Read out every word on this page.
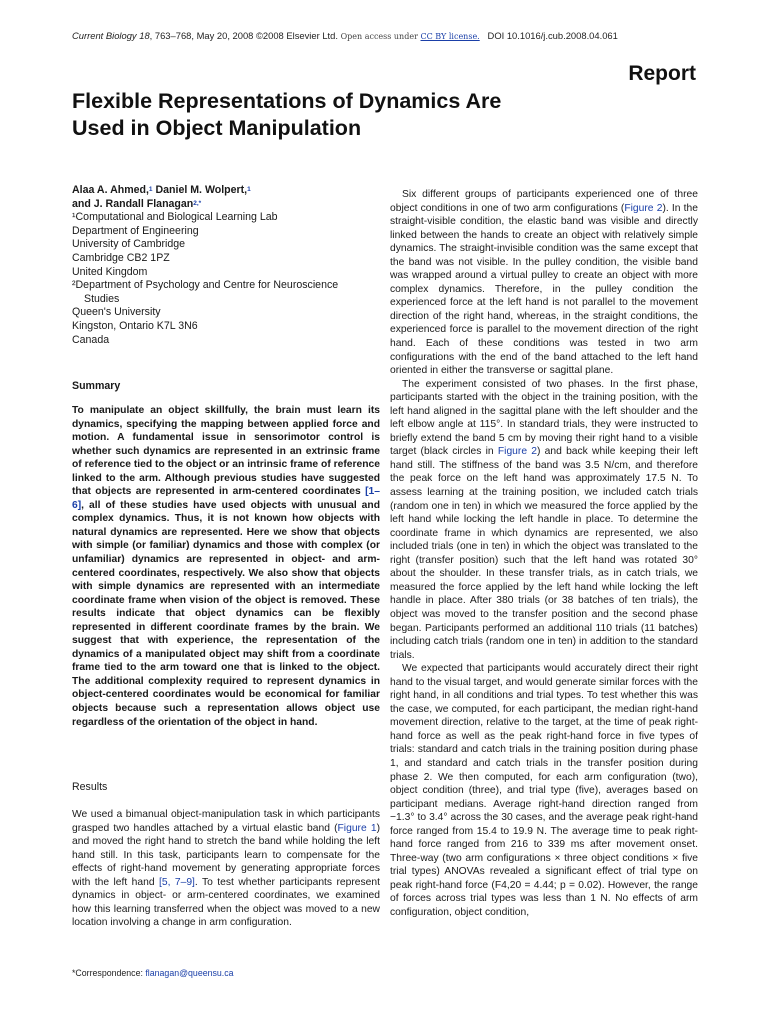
Current Biology 18, 763–768, May 20, 2008 ©2008 Elsevier Ltd. Open access under CC BY license. DOI 10.1016/j.cub.2008.04.061
Report
Flexible Representations of Dynamics Are Used in Object Manipulation
Alaa A. Ahmed,$^1$ Daniel M. Wolpert,$^1$
and J. Randall Flanagan$^{2,*}$
¹Computational and Biological Learning Lab
Department of Engineering
University of Cambridge
Cambridge CB2 1PZ
United Kingdom
²Department of Psychology and Centre for Neuroscience
Studies
Queen's University
Kingston, Ontario K7L 3N6
Canada
Summary
To manipulate an object skillfully, the brain must learn its dynamics, specifying the mapping between applied force and motion. A fundamental issue in sensorimotor control is whether such dynamics are represented in an extrinsic frame of reference tied to the object or an intrinsic frame of reference linked to the arm. Although previous studies have suggested that objects are represented in arm-centered coordinates [1–6], all of these studies have used objects with unusual and complex dynamics. Thus, it is not known how objects with natural dynamics are represented. Here we show that objects with simple (or familiar) dynamics and those with complex (or unfamiliar) dynamics are represented in object- and arm-centered coordinates, respectively. We also show that objects with simple dynamics are represented with an intermediate coordinate frame when vision of the object is removed. These results indicate that object dynamics can be flexibly represented in different coordinate frames by the brain. We suggest that with experience, the representation of the dynamics of a manipulated object may shift from a coordinate frame tied to the arm toward one that is linked to the object. The additional complexity required to represent dynamics in object-centered coordinates would be economical for familiar objects because such a representation allows object use regardless of the orientation of the object in hand.
Results
We used a bimanual object-manipulation task in which participants grasped two handles attached by a virtual elastic band (Figure 1) and moved the right hand to stretch the band while holding the left hand still. In this task, participants learn to compensate for the effects of right-hand movement by generating appropriate forces with the left hand [5, 7–9]. To test whether participants represent dynamics in object- or arm-centered coordinates, we examined how this learning transferred when the object was moved to a new location involving a change in arm configuration.
*Correspondence: flanagan@queensu.ca

Six different groups of participants experienced one of three object conditions in one of two arm configurations (Figure 2). In the straight-visible condition, the elastic band was visible and directly linked between the hands to create an object with relatively simple dynamics. The straight-invisible condition was the same except that the band was not visible. In the pulley condition, the visible band was wrapped around a virtual pulley to create an object with more complex dynamics. Therefore, in the pulley condition the experienced force at the left hand is not parallel to the movement direction of the right hand, whereas, in the straight conditions, the experienced force is parallel to the movement direction of the right hand. Each of these conditions was tested in two arm configurations with the end of the band attached to the left hand oriented in either the transverse or sagittal plane.

The experiment consisted of two phases. In the first phase, participants started with the object in the training position, with the left hand aligned in the sagittal plane with the left shoulder and the left elbow angle at 115°. In standard trials, they were instructed to briefly extend the band 5 cm by moving their right hand to a visible target (black circles in Figure 2) and back while keeping their left hand still. The stiffness of the band was 3.5 N/cm, and therefore the peak force on the left hand was approximately 17.5 N. To assess learning at the training position, we included catch trials (random one in ten) in which we measured the force applied by the left hand while locking the left handle in place. To determine the coordinate frame in which dynamics are represented, we also included trials (one in ten) in which the object was translated to the right (transfer position) such that the left hand was rotated 30° about the shoulder. In these transfer trials, as in catch trials, we measured the force applied by the left hand while locking the left handle in place. After 380 trials (or 38 batches of ten trials), the object was moved to the transfer position and the second phase began. Participants performed an additional 110 trials (11 batches) including catch trials (random one in ten) in addition to the standard trials.

We expected that participants would accurately direct their right hand to the visual target, and would generate similar forces with the right hand, in all conditions and trial types. To test whether this was the case, we computed, for each participant, the median right-hand movement direction, relative to the target, at the time of peak right-hand force as well as the peak right-hand force in five types of trials: standard and catch trials in the training position during phase 1, and standard and catch trials in the transfer position during phase 2. We then computed, for each arm configuration (two), object condition (three), and trial type (five), averages based on participant medians. Average right-hand direction ranged from −1.3° to 3.4° across the 30 cases, and the average peak right-hand force ranged from 15.4 to 19.9 N. The average time to peak right-hand force ranged from 216 to 339 ms after movement onset. Three-way (two arm configurations × three object conditions × five trial types) ANOVAs revealed a significant effect of trial type on peak right-hand force (F4,20 = 4.44; p = 0.02). However, the range of forces across trial types was less than 1 N. No effects of arm configuration, object condition,
